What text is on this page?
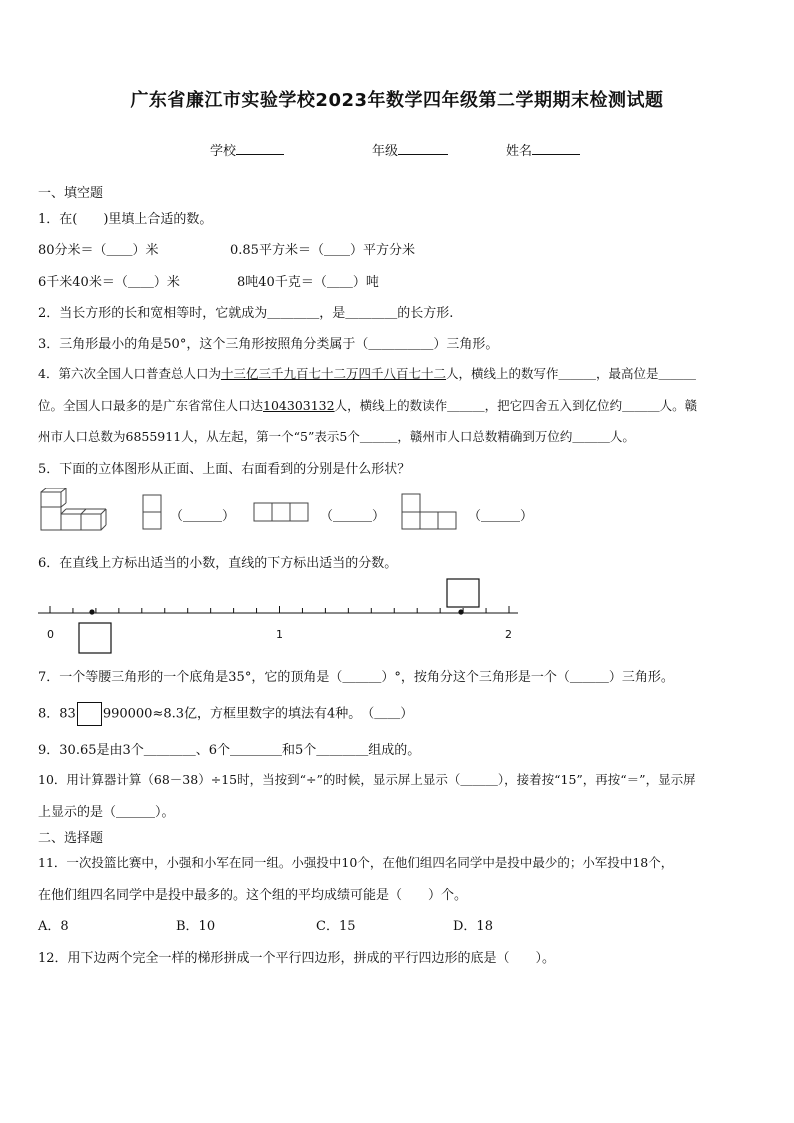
广东省廉江市实验学校2023年数学四年级第二学期期末检测试题
学校	年级	姓名
一、填空题
1．在(　　)里填上合适的数。
80分米＝（＿＿）米	0.85平方米＝（＿＿）平方分米
6千米40米＝（＿＿）米	8吨40千克＝（＿＿）吨
2．当长方形的长和宽相等时，它就成为＿＿＿＿，是＿＿＿＿的长方形.
3．三角形最小的角是50°，这个三角形按照角分类属于（＿＿＿＿＿）三角形。
4．第六次全国人口普查总人口为十三亿三千九百七十二万四千八百七十二人，横线上的数写作＿＿＿，最高位是＿＿＿
位。全国人口最多的是广东省常住人口达104303132人，横线上的数读作＿＿＿，把它四舍五入到亿位约＿＿＿人。赣
州市人口总数为6855911人，从左起，第一个“5”表示5个＿＿＿，赣州市人口总数精确到万位约＿＿＿人。
5．下面的立体图形从正面、上面、右面看到的分别是什么形状？
（＿＿＿）	（＿＿＿）	（＿＿＿）
6．在直线上方标出适当的小数，直线的下方标出适当的分数。
0	1	2
7．一个等腰三角形的一个底角是35°，它的顶角是（＿＿＿）°，按角分这个三角形是一个（＿＿＿）三角形。
8．83 990000≈8.3亿，方框里数字的填法有4种。　（＿＿）
9．30.65是由3个＿＿＿＿、6个＿＿＿＿和5个＿＿＿＿组成的。
10．用计算器计算（68－38）÷15时，当按到“÷”的时候，显示屏上显示（＿＿＿），接着按“15”，再按“＝”，显示屏
上显示的是（＿＿＿）。
二、选择题
11．一次投篮比赛中，小强和小军在同一组。小强投中10个，在他们组四名同学中是投中最少的；小军投中18个，
在他们组四名同学中是投中最多的。这个组的平均成绩可能是（　　）个。
A．8	B．10	C．15	D．18
12．用下边两个完全一样的梯形拼成一个平行四边形，拼成的平行四边形的底是（　　）。
